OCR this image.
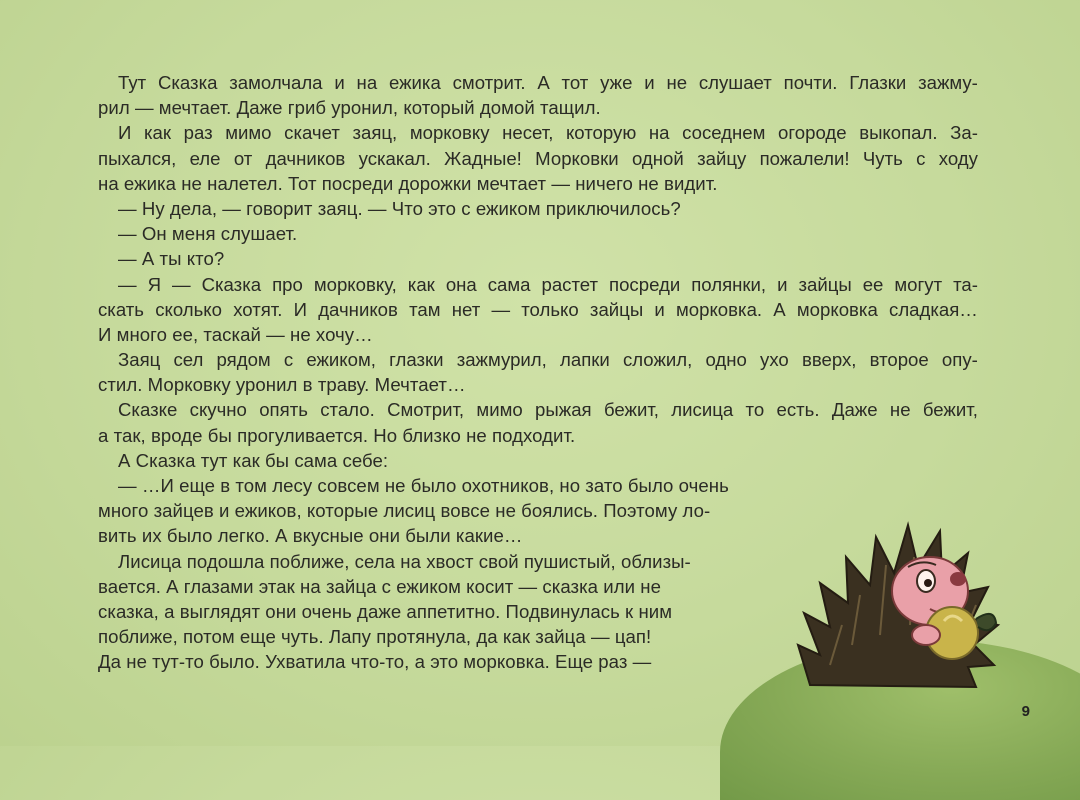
Тут Сказка замолчала и на ежика смотрит. А тот уже и не слушает почти. Глазки зажму-
рил — мечтает. Даже гриб уронил, который домой тащил.
И как раз мимо скачет заяц, морковку несет, которую на соседнем огороде выкопал. За-
пыхался, еле от дачников ускакал. Жадные! Морковки одной зайцу пожалели! Чуть с ходу
на ежика не налетел. Тот посреди дорожки мечтает — ничего не видит.
— Ну дела, — говорит заяц. — Что это с ежиком приключилось?
— Он меня слушает.
— А ты кто?
— Я — Сказка про морковку, как она сама растет посреди полянки, и зайцы ее могут та-
скать сколько хотят. И дачников там нет — только зайцы и морковка. А морковка сладкая…
И много ее, таскай — не хочу…
Заяц сел рядом с ежиком, глазки зажмурил, лапки сложил, одно ухо вверх, второе опу-
стил. Морковку уронил в траву. Мечтает…
Сказке скучно опять стало. Смотрит, мимо рыжая бежит, лисица то есть. Даже не бежит,
а так, вроде бы прогуливается. Но близко не подходит.
А Сказка тут как бы сама себе:
— …И еще в том лесу совсем не было охотников, но зато было очень
много зайцев и ежиков, которые лисиц вовсе не боялись. Поэтому ло-
вить их было легко. А вкусные они были какие…
Лисица подошла поближе, села на хвост свой пушистый, облизы-
вается. А глазами этак на зайца с ежиком косит — сказка или не
сказка, а выглядят они очень даже аппетитно. Подвинулась к ним
поближе, потом еще чуть. Лапу протянула, да как зайца — цап!
Да не тут-то было. Ухватила что-то, а это морковка. Еще раз —
9
